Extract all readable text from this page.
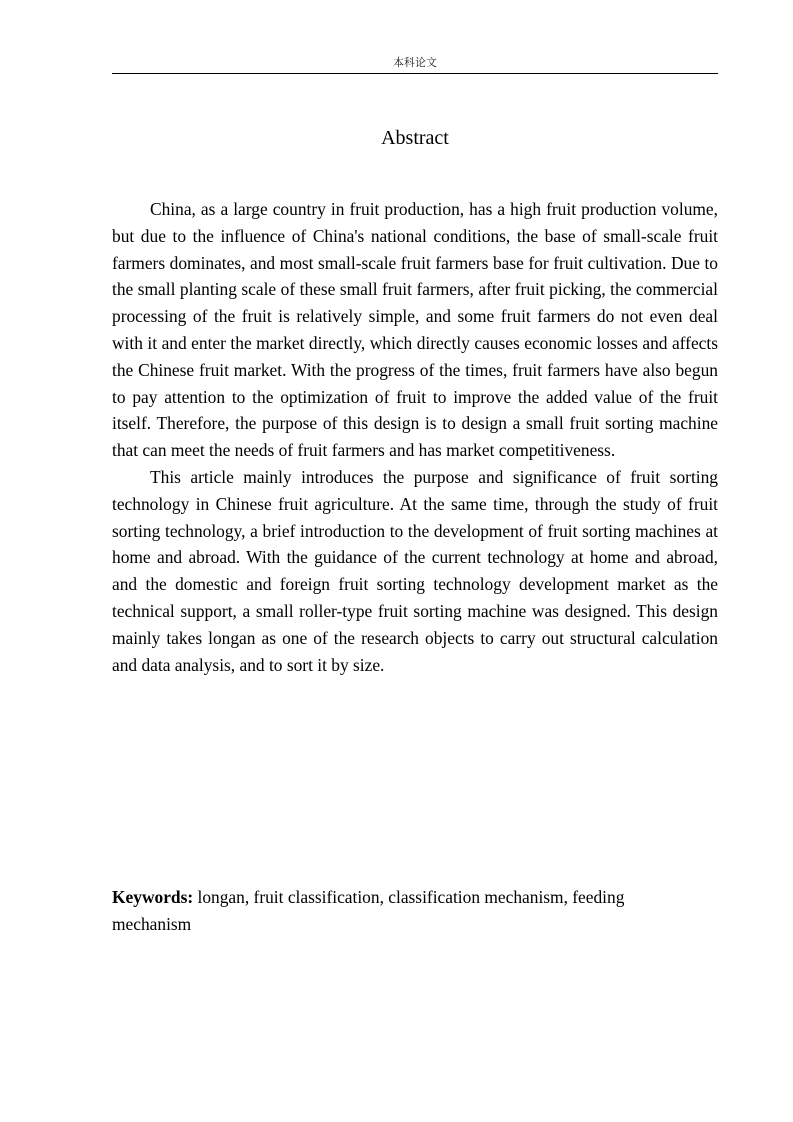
本科论文
Abstract

China, as a large country in fruit production, has a high fruit production volume, but due to the influence of China's national conditions, the base of small-scale fruit farmers dominates, and most small-scale fruit farmers base for fruit cultivation. Due to the small planting scale of these small fruit farmers, after fruit picking, the commercial processing of the fruit is relatively simple, and some fruit farmers do not even deal with it and enter the market directly, which directly causes economic losses and affects the Chinese fruit market. With the progress of the times, fruit farmers have also begun to pay attention to the optimization of fruit to improve the added value of the fruit itself. Therefore, the purpose of this design is to design a small fruit sorting machine that can meet the needs of fruit farmers and has market competitiveness.

This article mainly introduces the purpose and significance of fruit sorting technology in Chinese fruit agriculture. At the same time, through the study of fruit sorting technology, a brief introduction to the development of fruit sorting machines at home and abroad. With the guidance of the current technology at home and abroad, and the domestic and foreign fruit sorting technology development market as the technical support, a small roller-type fruit sorting machine was designed. This design mainly takes longan as one of the research objects to carry out structural calculation and data analysis, and to sort it by size.

Keywords: longan, fruit classification, classification mechanism, feeding mechanism
